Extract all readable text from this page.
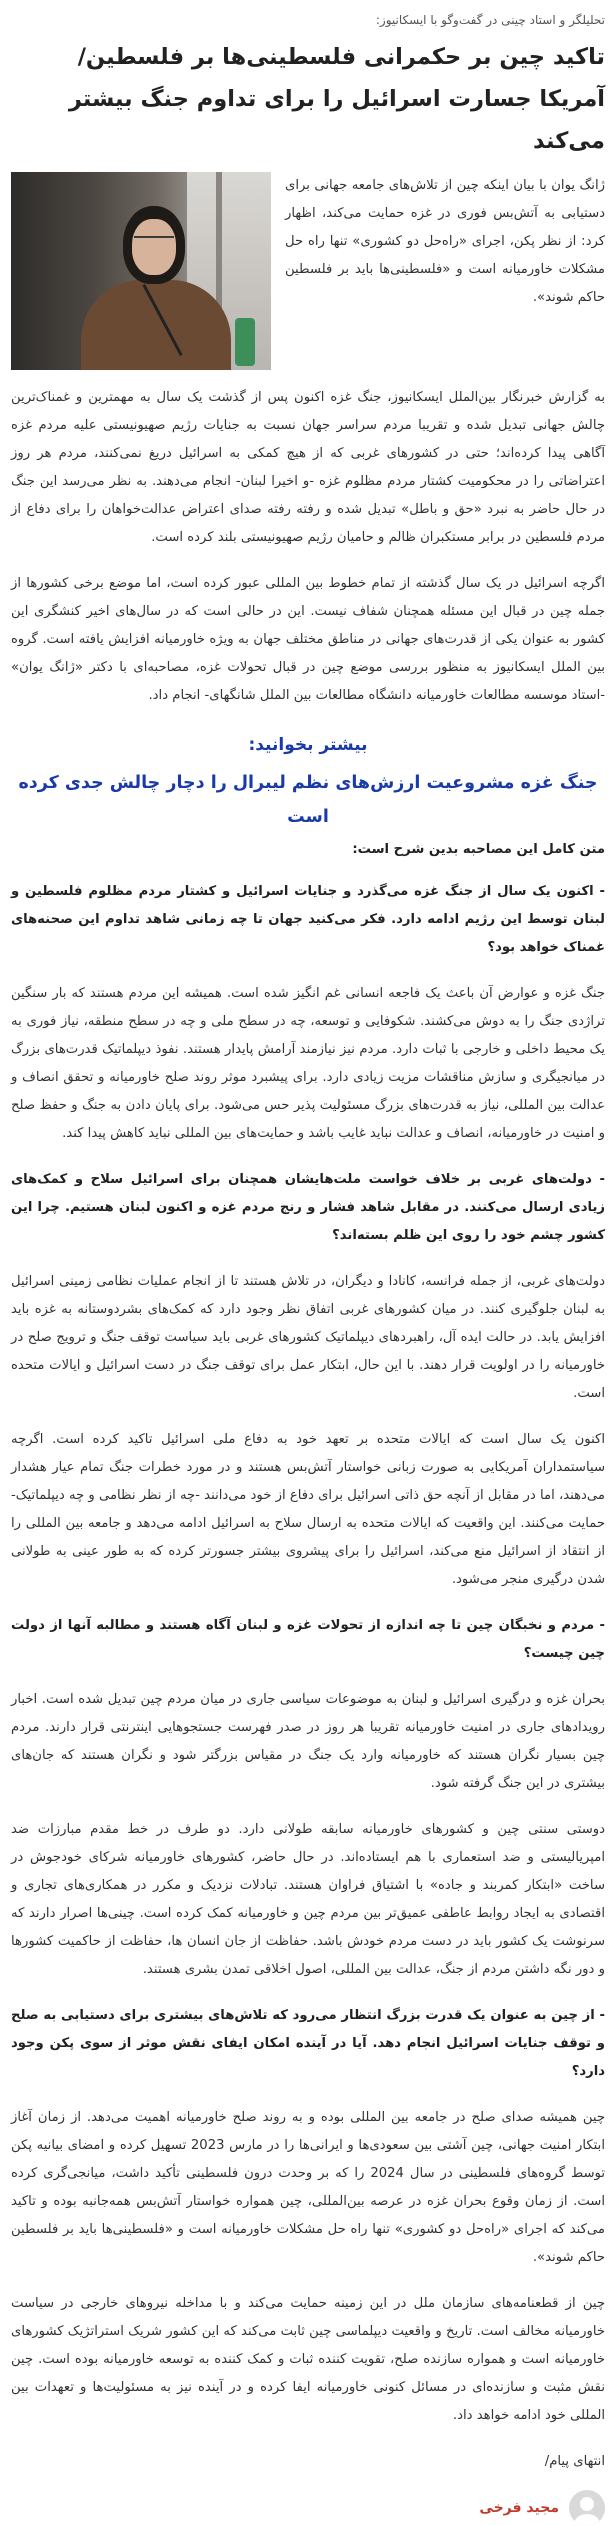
تحلیلگر و استاد چینی در گفت‌وگو با ایسکانیوز:
تاکید چین بر حکمرانی فلسطینی‌ها بر فلسطین/ آمریکا جسارت اسرائیل را برای تداوم جنگ بیشتر می‌کند
ژانگ یوان با بیان اینکه چین از تلاش‌های جامعه جهانی برای دستیابی به آتش‌بس فوری در غزه حمایت می‌کند، اظهار کرد: از نظر پکن، اجرای «راه‌حل دو کشوری» تنها راه حل مشکلات خاورمیانه است و «فلسطینی‌ها باید بر فلسطین حاکم شوند».

به گزارش خبرنگار بین‌الملل ایسکانیوز، جنگ غزه اکنون پس از گذشت یک سال به مهمترین و غمناک‌ترین چالش جهانی تبدیل شده و تقریبا مردم سراسر جهان نسبت به جنایات رژیم صهیونیستی علیه مردم غزه آگاهی پیدا کرده‌اند؛ حتی در کشورهای غربی که از هیچ کمکی به اسرائیل دریغ نمی‌کنند، مردم هر روز اعتراضاتی را در محکومیت کشتار مردم مظلوم غزه -و اخیرا لبنان- انجام می‌دهند. به نظر می‌رسد این جنگ در حال حاضر به نبرد «حق و باطل» تبدیل شده و رفته رفته صدای اعتراض عدالت‌خواهان را برای دفاع از مردم فلسطین در برابر مستکبران ظالم و حامیان رژیم صهیونیستی بلند کرده است.

اگرچه اسرائیل در یک سال گذشته از تمام خطوط بین المللی عبور کرده است، اما موضع برخی کشورها از جمله چین در قبال این مسئله همچنان شفاف نیست. این در حالی است که در سال‌های اخیر کنشگری این کشور به عنوان یکی از قدرت‌های جهانی در مناطق مختلف جهان به ویژه خاورمیانه افزایش یافته است. گروه بین الملل ایسکانیوز به منظور بررسی موضع چین در قبال تحولات غزه، مصاحبه‌ای با دکتر «ژانگ یوان» -استاد موسسه مطالعات خاورمیانه دانشگاه مطالعات بین الملل شانگهای- انجام داد.

بیشتر بخوانید:
جنگ غزه مشروعیت ارزش‌های نظم لیبرال را دچار چالش جدی کرده است
متن کامل این مصاحبه بدین شرح است:

- اکنون یک سال از جنگ غزه می‌گذرد و جنایات اسرائیل و کشتار مردم مظلوم فلسطین و لبنان توسط این رژیم ادامه دارد. فکر می‌کنید جهان تا چه زمانی شاهد تداوم این صحنه‌های غمناک خواهد بود؟

جنگ غزه و عوارض آن باعث یک فاجعه انسانی غم انگیز شده است. همیشه این مردم هستند که بار سنگین تراژدی جنگ را به دوش می‌کشند. شکوفایی و توسعه، چه در سطح ملی و چه در سطح منطقه، نیاز فوری به یک محیط داخلی و خارجی با ثبات دارد. مردم نیز نیازمند آرامش پایدار هستند. نفوذ دیپلماتیک قدرت‌های بزرگ در میانجیگری و سازش مناقشات مزیت زیادی دارد. برای پیشبرد موثر روند صلح خاورمیانه و تحقق انصاف و عدالت بین المللی، نیاز به قدرت‌های بزرگ مسئولیت پذیر حس می‌شود. برای پایان دادن به جنگ و حفظ صلح و امنیت در خاورمیانه، انصاف و عدالت نباید غایب باشد و حمایت‌های بین المللی نباید کاهش پیدا کند.

- دولت‌های غربی بر خلاف خواست ملت‌هایشان همچنان برای اسرائیل سلاح و کمک‌های زیادی ارسال می‌کنند. در مقابل شاهد فشار و رنج مردم غزه و اکنون لبنان هستیم. چرا این کشور چشم خود را روی این ظلم بسته‌اند؟

دولت‌های غربی، از جمله فرانسه، کانادا و دیگران، در تلاش هستند تا از انجام عملیات نظامی زمینی اسرائیل به لبنان جلوگیری کنند. در میان کشورهای غربی اتفاق نظر وجود دارد که کمک‌های بشردوستانه به غزه باید افزایش یابد. در حالت ایده آل، راهبردهای دیپلماتیک کشورهای غربی باید سیاست توقف جنگ و ترویج صلح در خاورمیانه را در اولویت قرار دهند. با این حال، ابتکار عمل برای توقف جنگ در دست اسرائیل و ایالات متحده است.

اکنون یک سال است که ایالات متحده بر تعهد خود به دفاع ملی اسرائیل تاکید کرده است. اگرچه سیاستمداران آمریکایی به صورت زبانی خواستار آتش‌بس هستند و در مورد خطرات جنگ تمام عیار هشدار می‌دهند، اما در مقابل از آنچه حق ذاتی اسرائیل برای دفاع از خود می‌دانند -چه از نظر نظامی و چه دیپلماتیک- حمایت می‌کنند. این واقعیت که ایالات متحده به ارسال سلاح به اسرائیل ادامه می‌دهد و جامعه بین المللی را از انتقاد از اسرائیل منع می‌کند، اسرائیل را برای پیشروی بیشتر جسورتر کرده که به طور عینی به طولانی شدن درگیری منجر می‌شود.

- مردم و نخبگان چین تا چه اندازه از تحولات غزه و لبنان آگاه هستند و مطالبه آنها از دولت چین چیست؟

بحران غزه و درگیری اسرائیل و لبنان به موضوعات سیاسی جاری در میان مردم چین تبدیل شده است. اخبار رویدادهای جاری در امنیت خاورمیانه تقریبا هر روز در صدر فهرست جستجوهایی اینترنتی قرار دارند. مردم چین بسیار نگران هستند که خاورمیانه وارد یک جنگ در مقیاس بزرگتر شود و نگران هستند که جان‌های بیشتری در این جنگ گرفته شود.

دوستی سنتی چین و کشورهای خاورمیانه سابقه طولانی دارد. دو طرف در خط مقدم مبارزات ضد امپریالیستی و ضد استعماری با هم ایستاده‌اند. در حال حاضر، کشورهای خاورمیانه شرکای خودجوش در ساخت «ابتکار کمربند و جاده» با اشتیاق فراوان هستند. تبادلات نزدیک و مکرر در همکاری‌های تجاری و اقتصادی به ایجاد روابط عاطفی عمیق‌تر بین مردم چین و خاورمیانه کمک کرده است. چینی‌ها اصرار دارند که سرنوشت یک کشور باید در دست مردم خودش باشد. حفاظت از جان انسان ها، حفاظت از حاکمیت کشورها و دور نگه داشتن مردم از جنگ، عدالت بین المللی، اصول اخلاقی تمدن بشری هستند.

- از چین به عنوان یک قدرت بزرگ انتظار می‌رود که تلاش‌های بیشتری برای دستیابی به صلح و توقف جنایات اسرائیل انجام دهد. آیا در آینده امکان ایفای نقش موثر از سوی پکن وجود دارد؟

چین همیشه صدای صلح در جامعه بین المللی بوده و به روند صلح خاورمیانه اهمیت می‌دهد. از زمان آغاز ابتکار امنیت جهانی، چین آشتی بین سعودی‌ها و ایرانی‌ها را در مارس 2023 تسهیل کرده و امضای بیانیه پکن توسط گروه‌های فلسطینی در سال 2024 را که بر وحدت درون فلسطینی تأکید داشت، میانجی‌گری کرده است. از زمان وقوع بحران غزه در عرصه بین‌المللی، چین همواره خواستار آتش‌بس همه‌جانبه بوده و تاکید می‌کند که اجرای «راه‌حل دو کشوری» تنها راه حل مشکلات خاورمیانه است و «فلسطینی‌ها باید بر فلسطین حاکم شوند».

چین از قطعنامه‌های سازمان ملل در این زمینه حمایت می‌کند و با مداخله نیروهای خارجی در سیاست خاورمیانه مخالف است. تاریخ و واقعیت دیپلماسی چین ثابت می‌کند که این کشور شریک استراتژیک کشورهای خاورمیانه است و همواره سازنده صلح، تقویت کننده ثبات و کمک کننده به توسعه خاورمیانه بوده است. چین نقش مثبت و سازنده‌ای در مسائل کنونی خاورمیانه ایفا کرده و در آینده نیز به مسئولیت‌ها و تعهدات بین المللی خود ادامه خواهد داد.

انتهای پیام/
مجید فرخی
